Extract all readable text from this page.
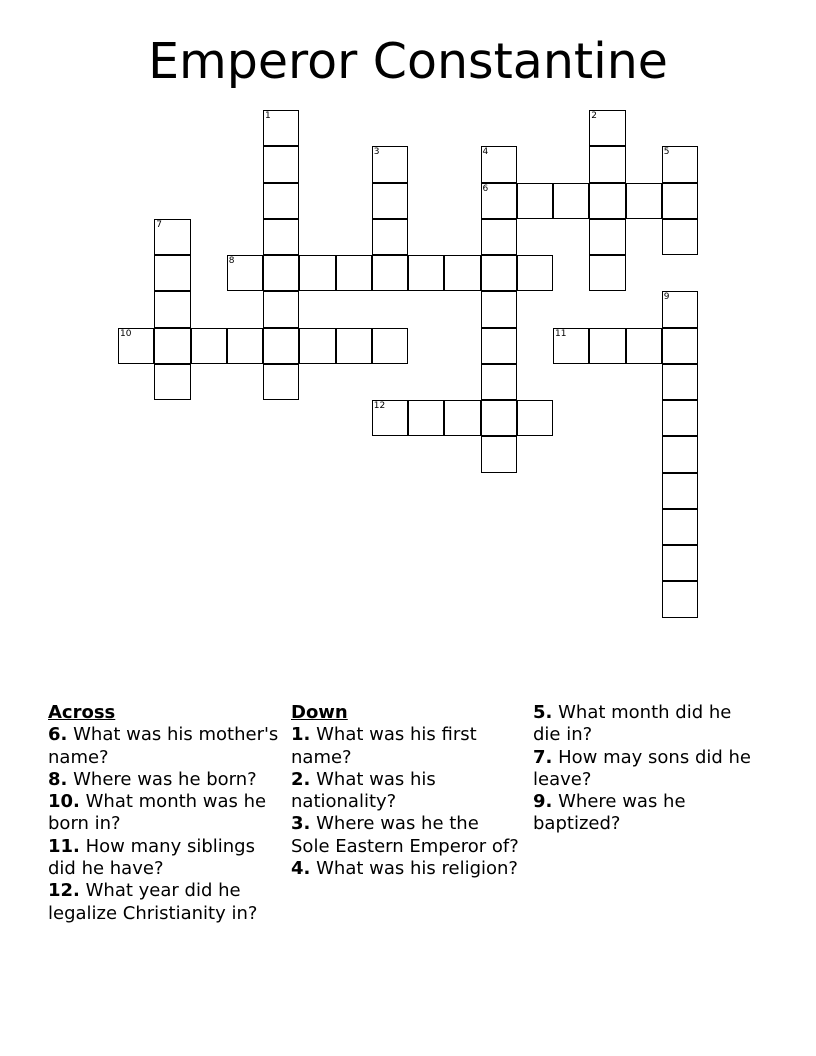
Emperor Constantine
1	2
3	4
6
5
7
8
9
10	11
12
Across
6. What was his mother's name?
8. Where was he born?
10. What month was he born in?
11. How many siblings did he have?
12. What year did he legalize Christianity in?
Down
1. What was his first name?
2. What was his nationality?
3. Where was he the Sole Eastern Emperor of?
4. What was his religion?
5. What month did he die in?
7. How may sons did he leave?
9. Where was he baptized?
